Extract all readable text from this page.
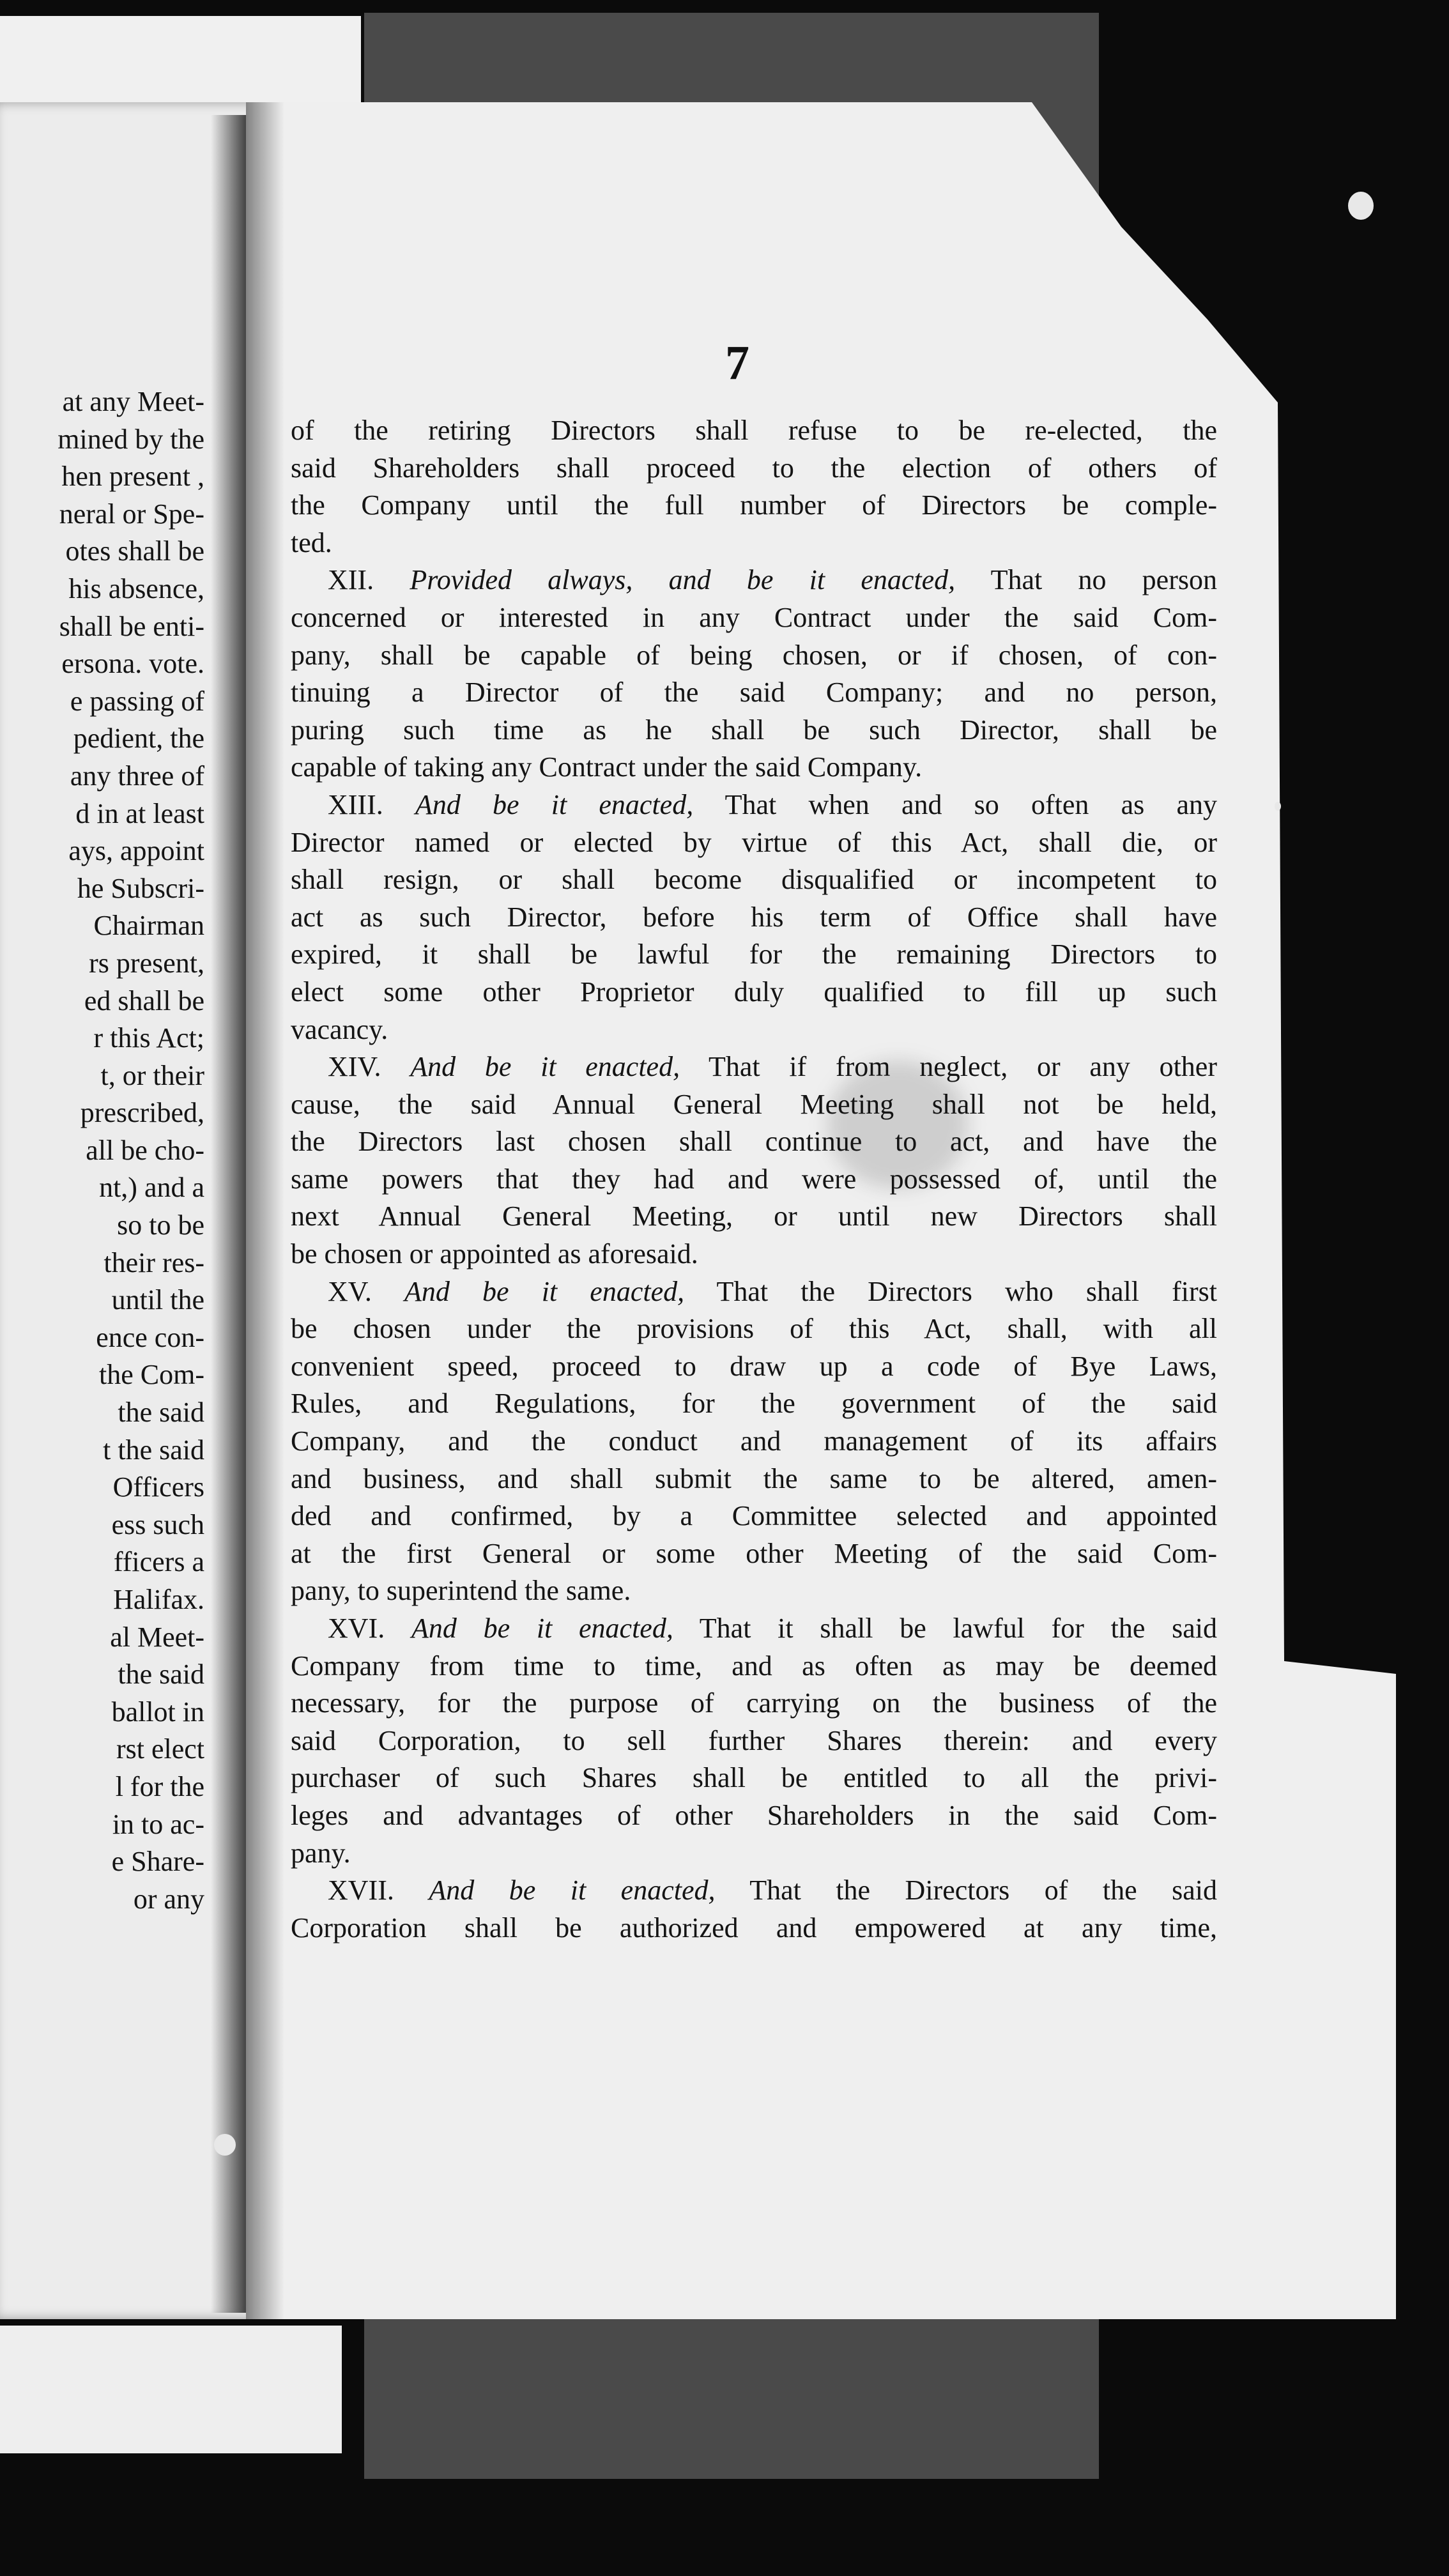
at any Meet-
mined by the
hen present ,
neral or Spe-
otes shall be
his absence,
shall be enti-
ersona. vote.
e passing of
pedient, the
any three of
d in at least
ays, appoint
he Subscri-
Chairman
rs present,
ed shall be
r this Act;
t, or their
prescribed,
all be cho-
nt,) and a
so to be
their res-
until the
ence con-
the Com-
the said
t the said
Officers
ess such
fficers a
Halifax.
al Meet-
the said
ballot in
rst elect
l for the
in to ac-
e Share-
or any
7
of the retiring Directors shall refuse to be re-elected, the
said Shareholders shall proceed to the election of others of
the Company until the full number of Directors be comple-
ted.
XII. Provided always, and be it enacted, That no person
concerned or interested in any Contract under the said Com-
pany, shall be capable of being chosen, or if chosen, of con-
tinuing a Director of the said Company; and no person,
puring such time as he shall be such Director, shall be
capable of taking any Contract under the said Company.
XIII. And be it enacted, That when and so often as any
Director named or elected by virtue of this Act, shall die, or
shall resign, or shall become disqualified or incompetent to
act as such Director, before his term of Office shall have
expired, it shall be lawful for the remaining Directors to
elect some other Proprietor duly qualified to fill up such
vacancy.
XIV. And be it enacted, That if from neglect, or any other
cause, the said Annual General Meeting shall not be held,
the Directors last chosen shall continue to act, and have the
same powers that they had and were possessed of, until the
next Annual General Meeting, or until new Directors shall
be chosen or appointed as aforesaid.
XV. And be it enacted, That the Directors who shall first
be chosen under the provisions of this Act, shall, with all
convenient speed, proceed to draw up a code of Bye Laws,
Rules, and Regulations, for the government of the said
Company, and the conduct and management of its affairs
and business, and shall submit the same to be altered, amen-
ded and confirmed, by a Committee selected and appointed
at the first General or some other Meeting of the said Com-
pany, to superintend the same.
XVI. And be it enacted, That it shall be lawful for the said
Company from time to time, and as often as may be deemed
necessary, for the purpose of carrying on the business of the
said Corporation, to sell further Shares therein: and every
purchaser of such Shares shall be entitled to all the privi-
leges and advantages of other Shareholders in the said Com-
pany.
XVII. And be it enacted, That the Directors of the said
Corporation shall be authorized and empowered at any time,
